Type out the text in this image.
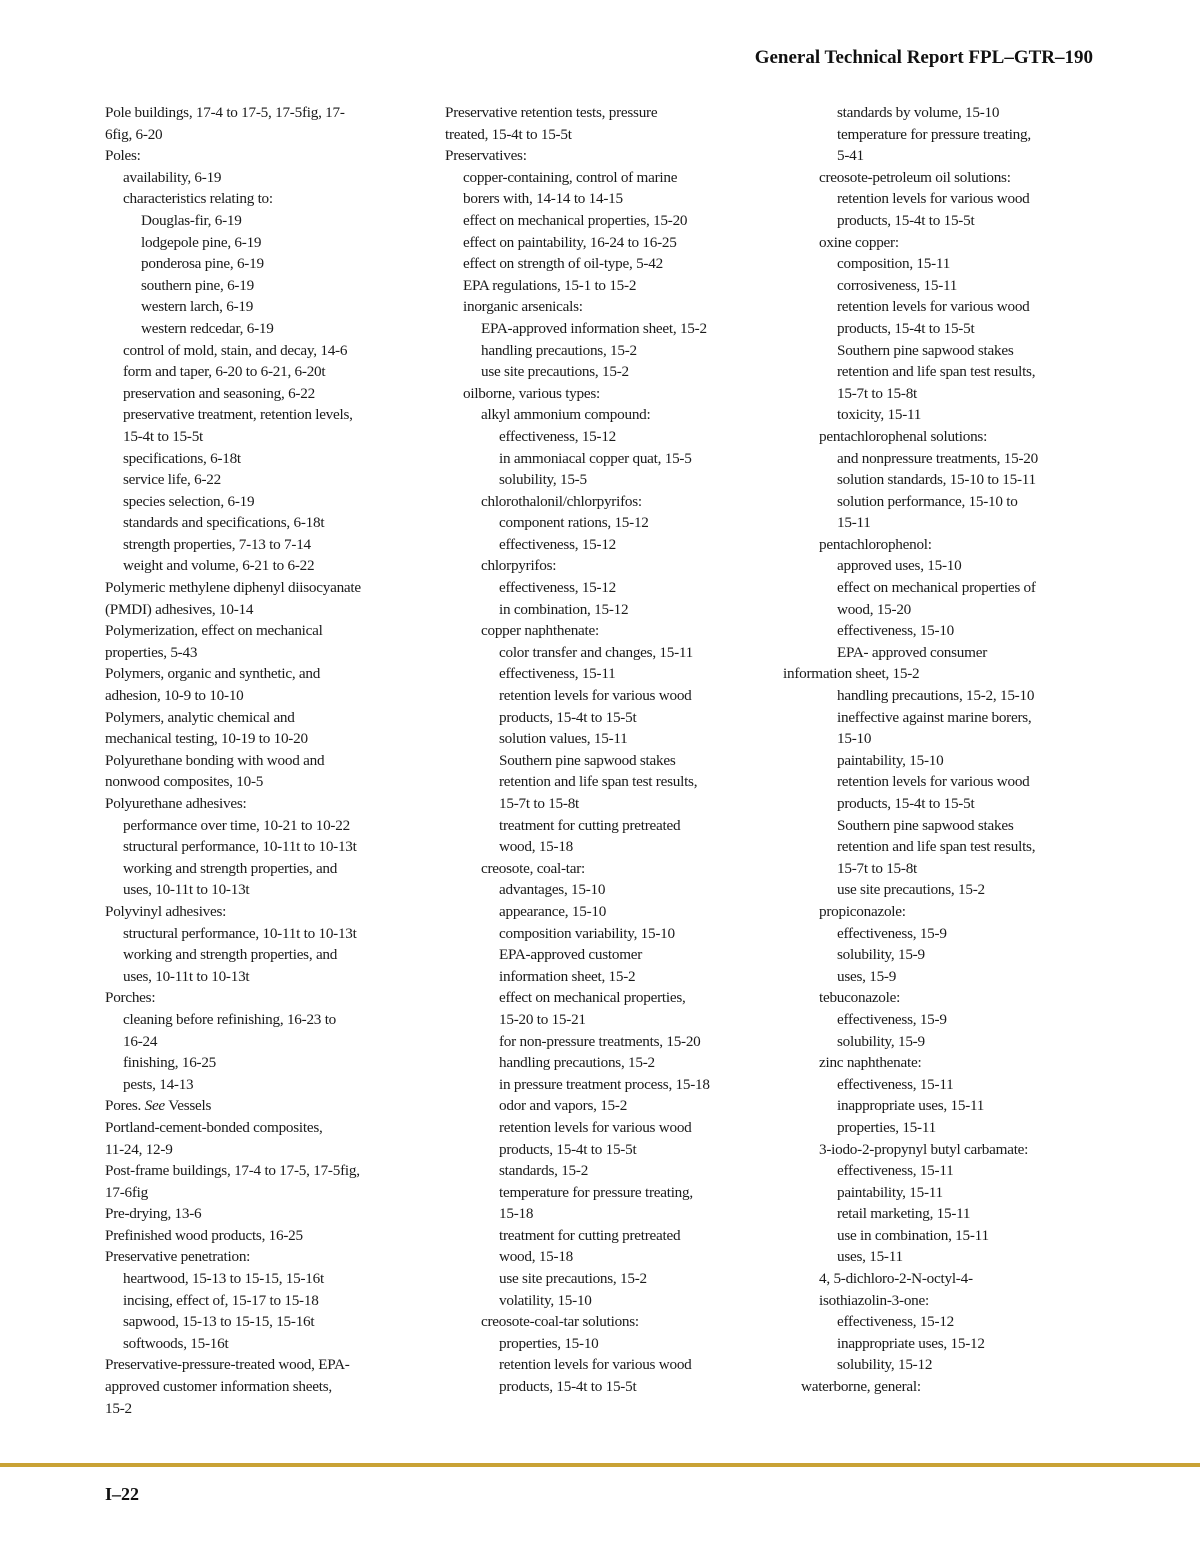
General Technical Report FPL–GTR–190
Pole buildings, 17-4 to 17-5, 17-5fig, 17-
6fig, 6-20
Poles:
availability, 6-19
characteristics relating to:
Douglas-fir, 6-19
lodgepole pine, 6-19
ponderosa pine, 6-19
southern pine, 6-19
western larch, 6-19
western redcedar, 6-19
control of mold, stain, and decay, 14-6
form and taper, 6-20 to 6-21, 6-20t
preservation and seasoning, 6-22
preservative treatment, retention levels,
15-4t to 15-5t
specifications, 6-18t
service life, 6-22
species selection, 6-19
standards and specifications, 6-18t
strength properties, 7-13 to 7-14
weight and volume, 6-21 to 6-22
Polymeric methylene diphenyl diisocyanate
(PMDI) adhesives, 10-14
Polymerization, effect on mechanical
properties, 5-43
Polymers, organic and synthetic, and
adhesion, 10-9 to 10-10
Polymers, analytic chemical and
mechanical testing, 10-19 to 10-20
Polyurethane bonding with wood and
nonwood composites, 10-5
Polyurethane adhesives:
performance over time, 10-21 to 10-22
structural performance, 10-11t to 10-13t
working and strength properties, and
uses, 10-11t to 10-13t
Polyvinyl adhesives:
structural performance, 10-11t to 10-13t
working and strength properties, and
uses, 10-11t to 10-13t
Porches:
cleaning before refinishing, 16-23 to
16-24
finishing, 16-25
pests, 14-13
Pores. See Vessels
Portland-cement-bonded composites,
11-24, 12-9
Post-frame buildings, 17-4 to 17-5, 17-5fig,
17-6fig
Pre-drying, 13-6
Prefinished wood products, 16-25
Preservative penetration:
heartwood, 15-13 to 15-15, 15-16t
incising, effect of, 15-17 to 15-18
sapwood, 15-13 to 15-15, 15-16t
softwoods, 15-16t
Preservative-pressure-treated wood, EPA-
approved customer information sheets,
15-2
Preservative retention tests, pressure
treated, 15-4t to 15-5t
Preservatives:
copper-containing, control of marine
borers with, 14-14 to 14-15
effect on mechanical properties, 15-20
effect on paintability, 16-24 to 16-25
effect on strength of oil-type, 5-42
EPA regulations, 15-1 to 15-2
inorganic arsenicals:
EPA-approved information sheet, 15-2
handling precautions, 15-2
use site precautions, 15-2
oilborne, various types:
alkyl ammonium compound:
effectiveness, 15-12
in ammoniacal copper quat, 15-5
solubility, 15-5
chlorothalonil/chlorpyrifos:
component rations, 15-12
effectiveness, 15-12
chlorpyrifos:
effectiveness, 15-12
in combination, 15-12
copper naphthenate:
color transfer and changes, 15-11
effectiveness, 15-11
retention levels for various wood
products, 15-4t to 15-5t
solution values, 15-11
Southern pine sapwood stakes
retention and life span test results,
15-7t to 15-8t
treatment for cutting pretreated
wood, 15-18
creosote, coal-tar:
advantages, 15-10
appearance, 15-10
composition variability, 15-10
EPA-approved customer
information sheet, 15-2
effect on mechanical properties,
15-20 to 15-21
for non-pressure treatments, 15-20
handling precautions, 15-2
in pressure treatment process, 15-18
odor and vapors, 15-2
retention levels for various wood
products, 15-4t to 15-5t
standards, 15-2
temperature for pressure treating,
15-18
treatment for cutting pretreated
wood, 15-18
use site precautions, 15-2
volatility, 15-10
creosote-coal-tar solutions:
properties, 15-10
retention levels for various wood
products, 15-4t to 15-5t
standards by volume, 15-10
temperature for pressure treating,
5-41
creosote-petroleum oil solutions:
retention levels for various wood
products, 15-4t to 15-5t
oxine copper:
composition, 15-11
corrosiveness, 15-11
retention levels for various wood
products, 15-4t to 15-5t
Southern pine sapwood stakes
retention and life span test results,
15-7t to 15-8t
toxicity, 15-11
pentachlorophenal solutions:
and nonpressure treatments, 15-20
solution standards, 15-10 to 15-11
solution performance, 15-10 to
15-11
pentachlorophenol:
approved uses, 15-10
effect on mechanical properties of
wood, 15-20
effectiveness, 15-10
EPA- approved consumer
information sheet, 15-2
handling precautions, 15-2, 15-10
ineffective against marine borers,
15-10
paintability, 15-10
retention levels for various wood
products, 15-4t to 15-5t
Southern pine sapwood stakes
retention and life span test results,
15-7t to 15-8t
use site precautions, 15-2
propiconazole:
effectiveness, 15-9
solubility, 15-9
uses, 15-9
tebuconazole:
effectiveness, 15-9
solubility, 15-9
zinc naphthenate:
effectiveness, 15-11
inappropriate uses, 15-11
properties, 15-11
3-iodo-2-propynyl butyl carbamate:
effectiveness, 15-11
paintability, 15-11
retail marketing, 15-11
use in combination, 15-11
uses, 15-11
4, 5-dichloro-2-N-octyl-4-
isothiazolin-3-one:
effectiveness, 15-12
inappropriate uses, 15-12
solubility, 15-12
waterborne, general:
I–22
